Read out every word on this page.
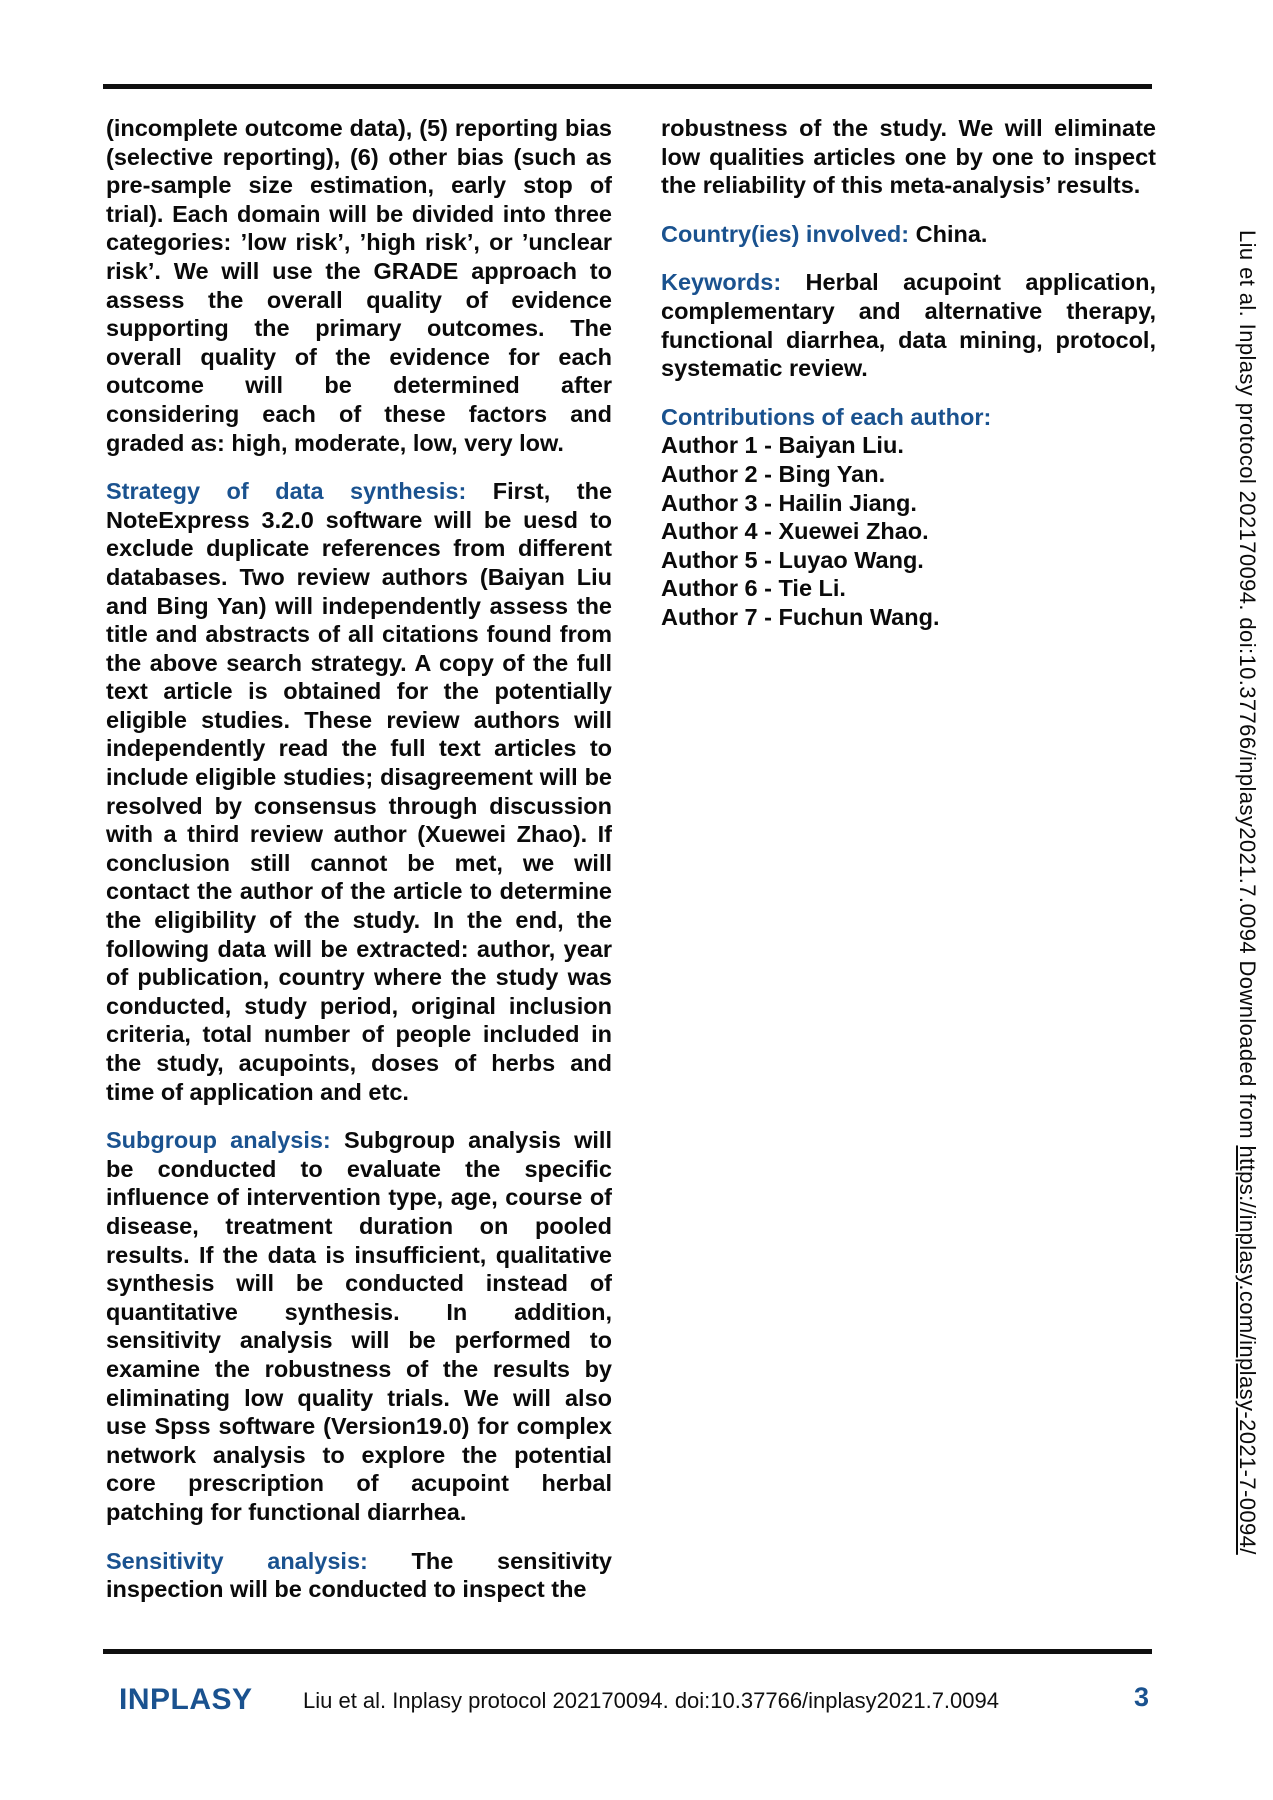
(incomplete outcome data), (5) reporting bias (selective reporting), (6) other bias (such as pre-sample size estimation, early stop of trial). Each domain will be divided into three categories: ’low risk’, ’high risk’, or ’unclear risk’. We will use the GRADE approach to assess the overall quality of evidence supporting the primary outcomes. The overall quality of the evidence for each outcome will be determined after considering each of these factors and graded as: high, moderate, low, very low.

Strategy of data synthesis: First, the NoteExpress 3.2.0 software will be uesd to exclude duplicate references from different databases. Two review authors (Baiyan Liu and Bing Yan) will independently assess the title and abstracts of all citations found from the above search strategy. A copy of the full text article is obtained for the potentially eligible studies. These review authors will independently read the full text articles to include eligible studies; disagreement will be resolved by consensus through discussion with a third review author (Xuewei Zhao). If conclusion still cannot be met, we will contact the author of the article to determine the eligibility of the study. In the end, the following data will be extracted: author, year of publication, country where the study was conducted, study period, original inclusion criteria, total number of people included in the study, acupoints, doses of herbs and time of application and etc.

Subgroup analysis: Subgroup analysis will be conducted to evaluate the specific influence of intervention type, age, course of disease, treatment duration on pooled results. If the data is insufficient, qualitative synthesis will be conducted instead of quantitative synthesis. In addition, sensitivity analysis will be performed to examine the robustness of the results by eliminating low quality trials. We will also use Spss software (Version19.0) for complex network analysis to explore the potential core prescription of acupoint herbal patching for functional diarrhea.

Sensitivity analysis: The sensitivity inspection will be conducted to inspect the

robustness of the study. We will eliminate low qualities articles one by one to inspect the reliability of this meta-analysis’ results.

Country(ies) involved: China.

Keywords: Herbal acupoint application, complementary and alternative therapy, functional diarrhea, data mining, protocol, systematic review.

Contributions of each author:
Author 1 - Baiyan Liu.
Author 2 - Bing Yan.
Author 3 - Hailin Jiang.
Author 4 - Xuewei Zhao.
Author 5 - Luyao Wang.
Author 6 - Tie Li.
Author 7 - Fuchun Wang.	Liu et al. Inplasy protocol 202170094. doi:10.37766/inplasy2021.7.0094 Downloaded from https://inplasy.com/inplasy-2021-7-0094/
INPLASY Liu et al. Inplasy protocol 202170094. doi:10.37766/inplasy2021.7.0094	3
